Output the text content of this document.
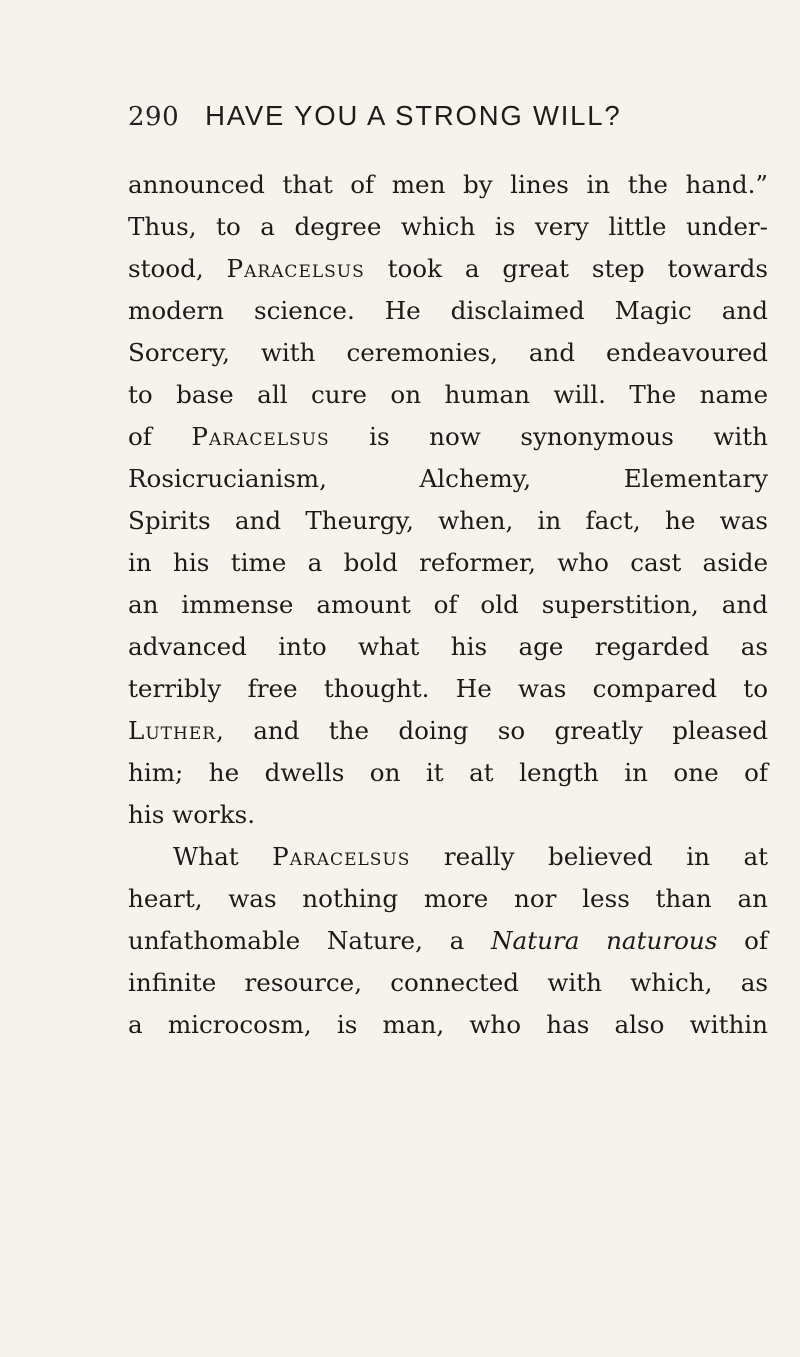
290 HAVE YOU A STRONG WILL?
announced that of men by lines in the hand.”
Thus, to a degree which is very little under-
stood, Paracelsus took a great step towards
modern science. He disclaimed Magic and
Sorcery, with ceremonies, and endeavoured
to base all cure on human will. The name
of Paracelsus is now synonymous with
Rosicrucianism, Alchemy, Elementary
Spirits and Theurgy, when, in fact, he was
in his time a bold reformer, who cast aside
an immense amount of old superstition, and
advanced into what his age regarded as
terribly free thought. He was compared to
Luther, and the doing so greatly pleased
him; he dwells on it at length in one of
his works.
What Paracelsus really believed in at
heart, was nothing more nor less than an
unfathomable Nature, a Natura naturous of
infinite resource, connected with which, as
a microcosm, is man, who has also within
